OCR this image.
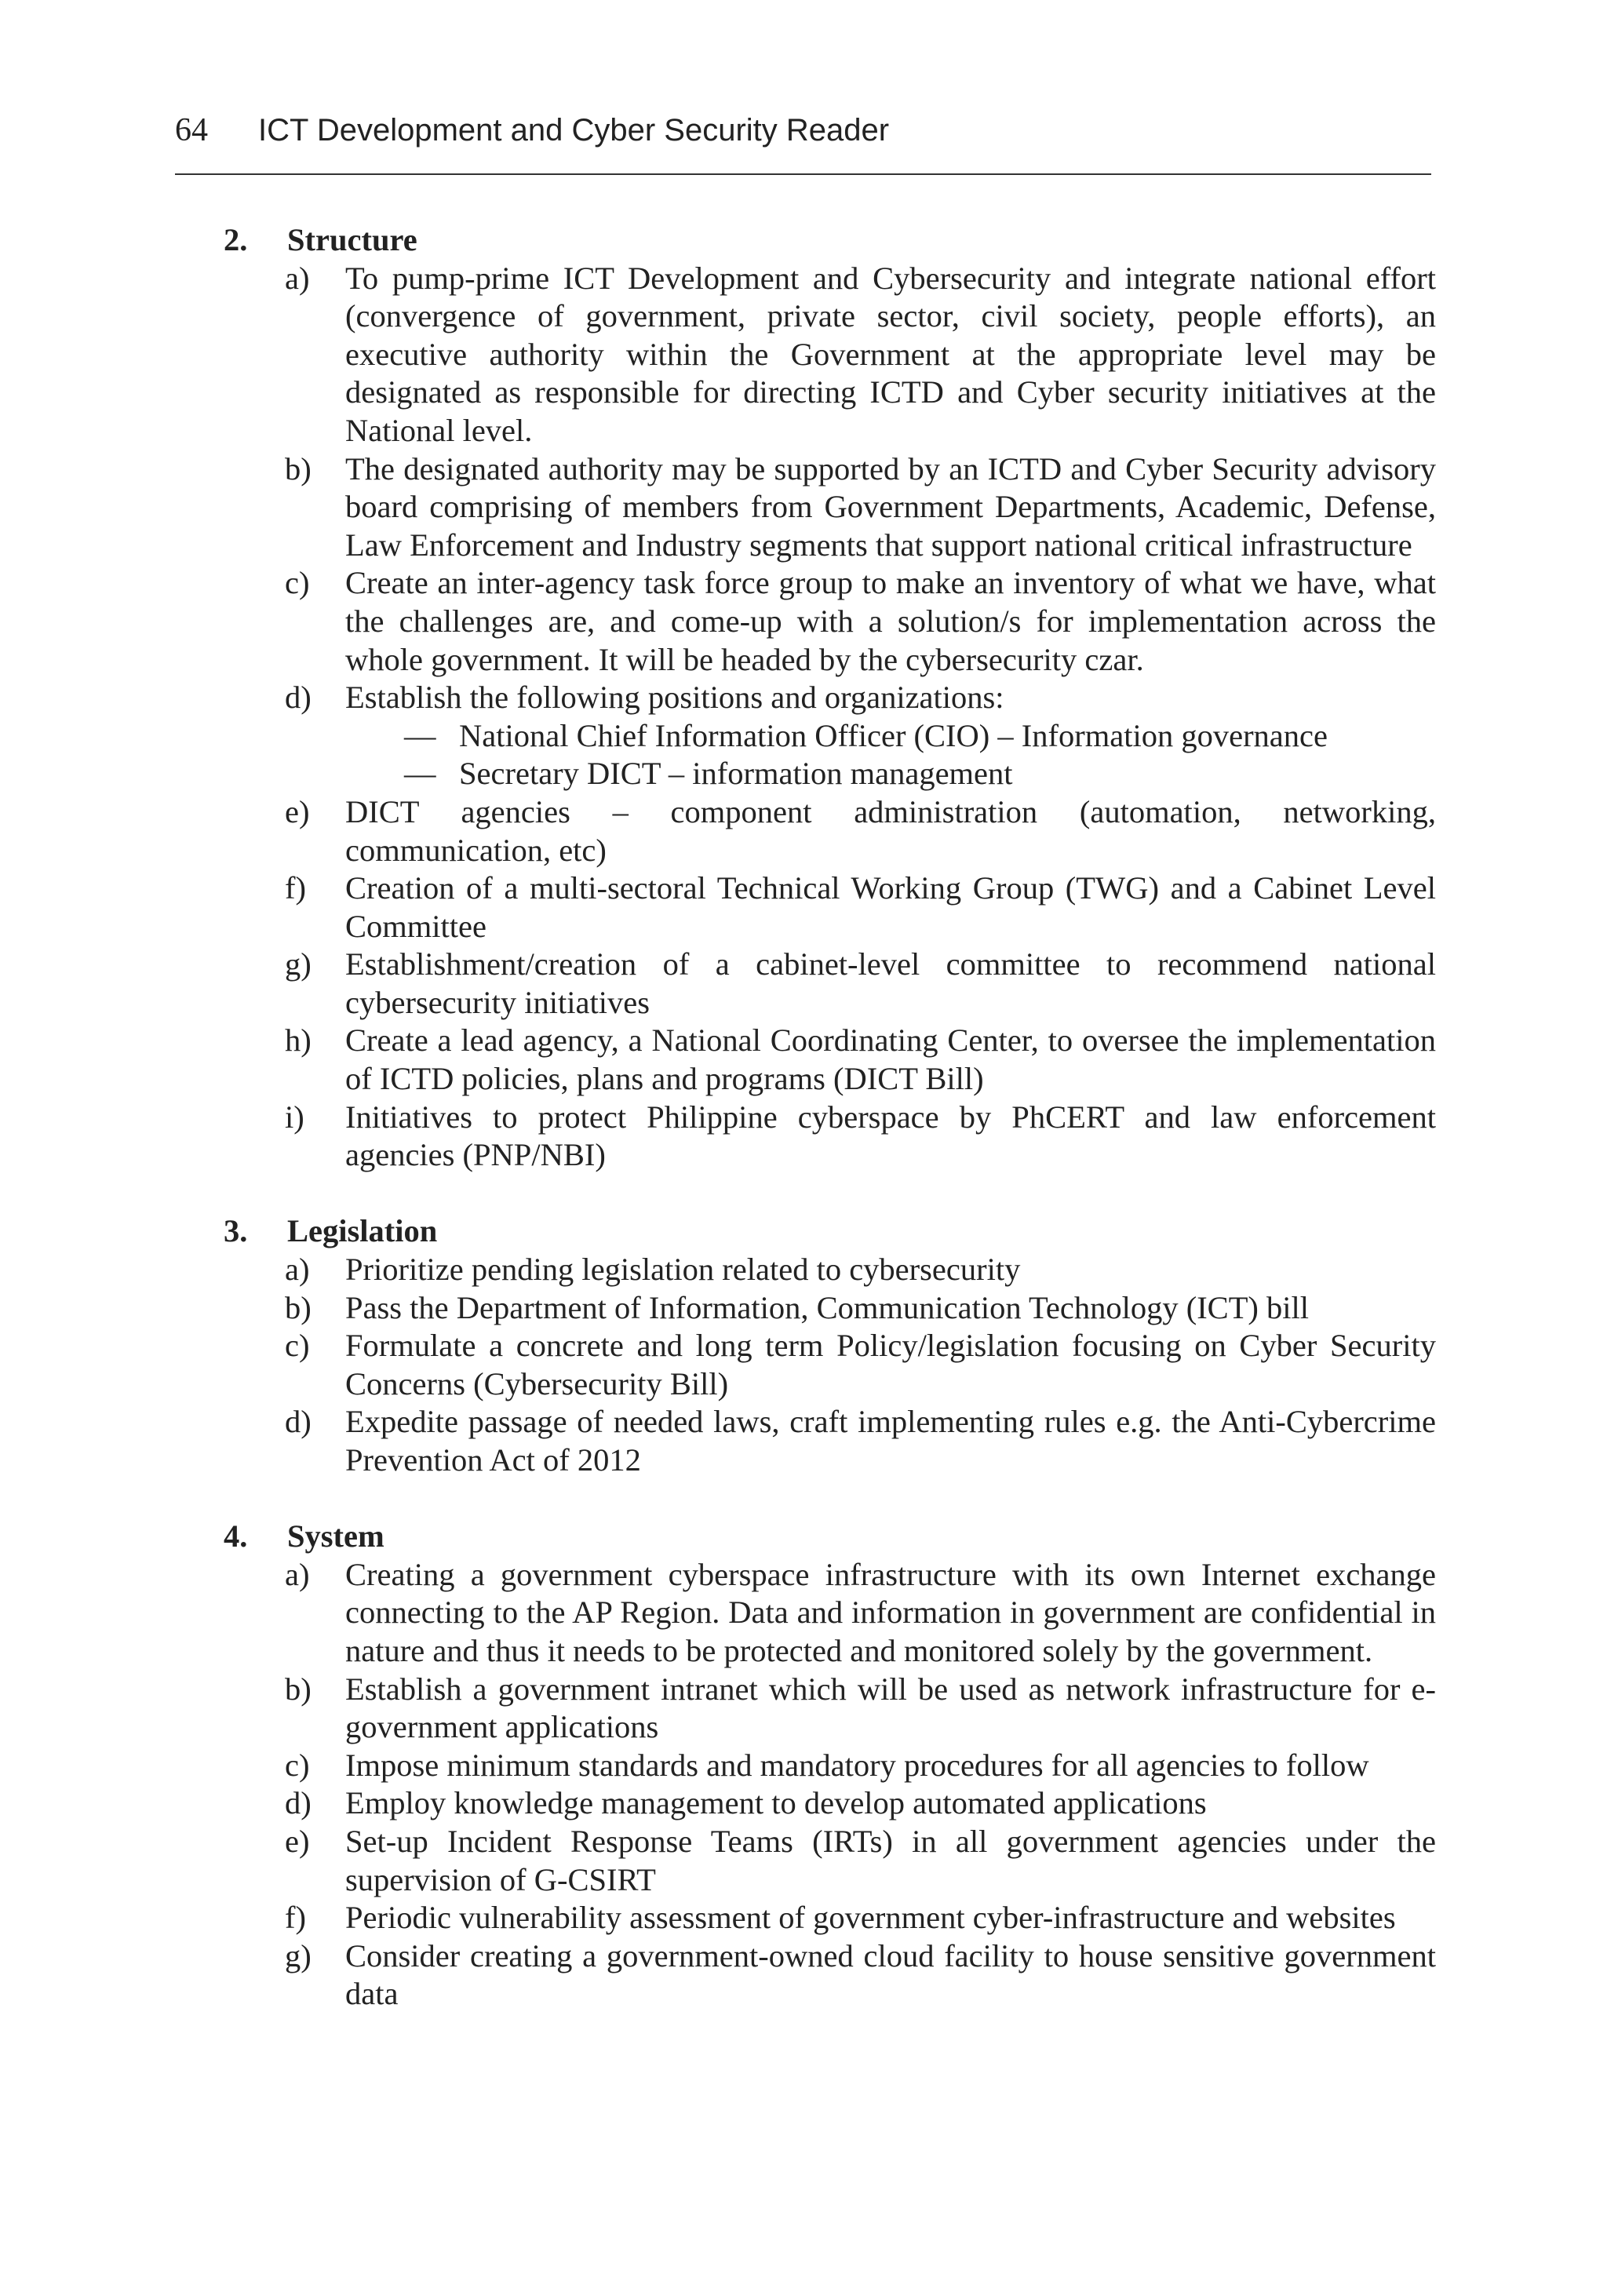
64 ICT Development and Cyber Security Reader
2. Structure
a) To pump-prime ICT Development and Cybersecurity and integrate national effort (convergence of government, private sector, civil society, people efforts), an executive authority within the Government at the appropriate level may be designated as responsible for directing ICTD and Cyber security initiatives at the National level.
b) The designated authority may be supported by an ICTD and Cyber Security advisory board comprising of members from Government Departments, Academic, Defense, Law Enforcement and Industry segments that support national critical infrastructure
c) Create an inter-agency task force group to make an inventory of what we have, what the challenges are, and come-up with a solution/s for implementation across the whole government. It will be headed by the cybersecurity czar.
d) Establish the following positions and organizations:
— National Chief Information Officer (CIO) – Information governance
— Secretary DICT – information management
e) DICT agencies – component administration (automation, networking, communication, etc)
f) Creation of a multi-sectoral Technical Working Group (TWG) and a Cabinet Level Committee
g) Establishment/creation of a cabinet-level committee to recommend national cybersecurity initiatives
h) Create a lead agency, a National Coordinating Center, to oversee the implementation of ICTD policies, plans and programs (DICT Bill)
i) Initiatives to protect Philippine cyberspace by PhCERT and law enforcement agencies (PNP/NBI)
3. Legislation
a) Prioritize pending legislation related to cybersecurity
b) Pass the Department of Information, Communication Technology (ICT) bill
c) Formulate a concrete and long term Policy/legislation focusing on Cyber Security Concerns (Cybersecurity Bill)
d) Expedite passage of needed laws, craft implementing rules e.g. the Anti-Cybercrime Prevention Act of 2012
4. System
a) Creating a government cyberspace infrastructure with its own Internet exchange connecting to the AP Region. Data and information in government are confidential in nature and thus it needs to be protected and monitored solely by the government.
b) Establish a government intranet which will be used as network infrastructure for e-government applications
c) Impose minimum standards and mandatory procedures for all agencies to follow
d) Employ knowledge management to develop automated applications
e) Set-up Incident Response Teams (IRTs) in all government agencies under the supervision of G-CSIRT
f) Periodic vulnerability assessment of government cyber-infrastructure and websites
g) Consider creating a government-owned cloud facility to house sensitive government data
